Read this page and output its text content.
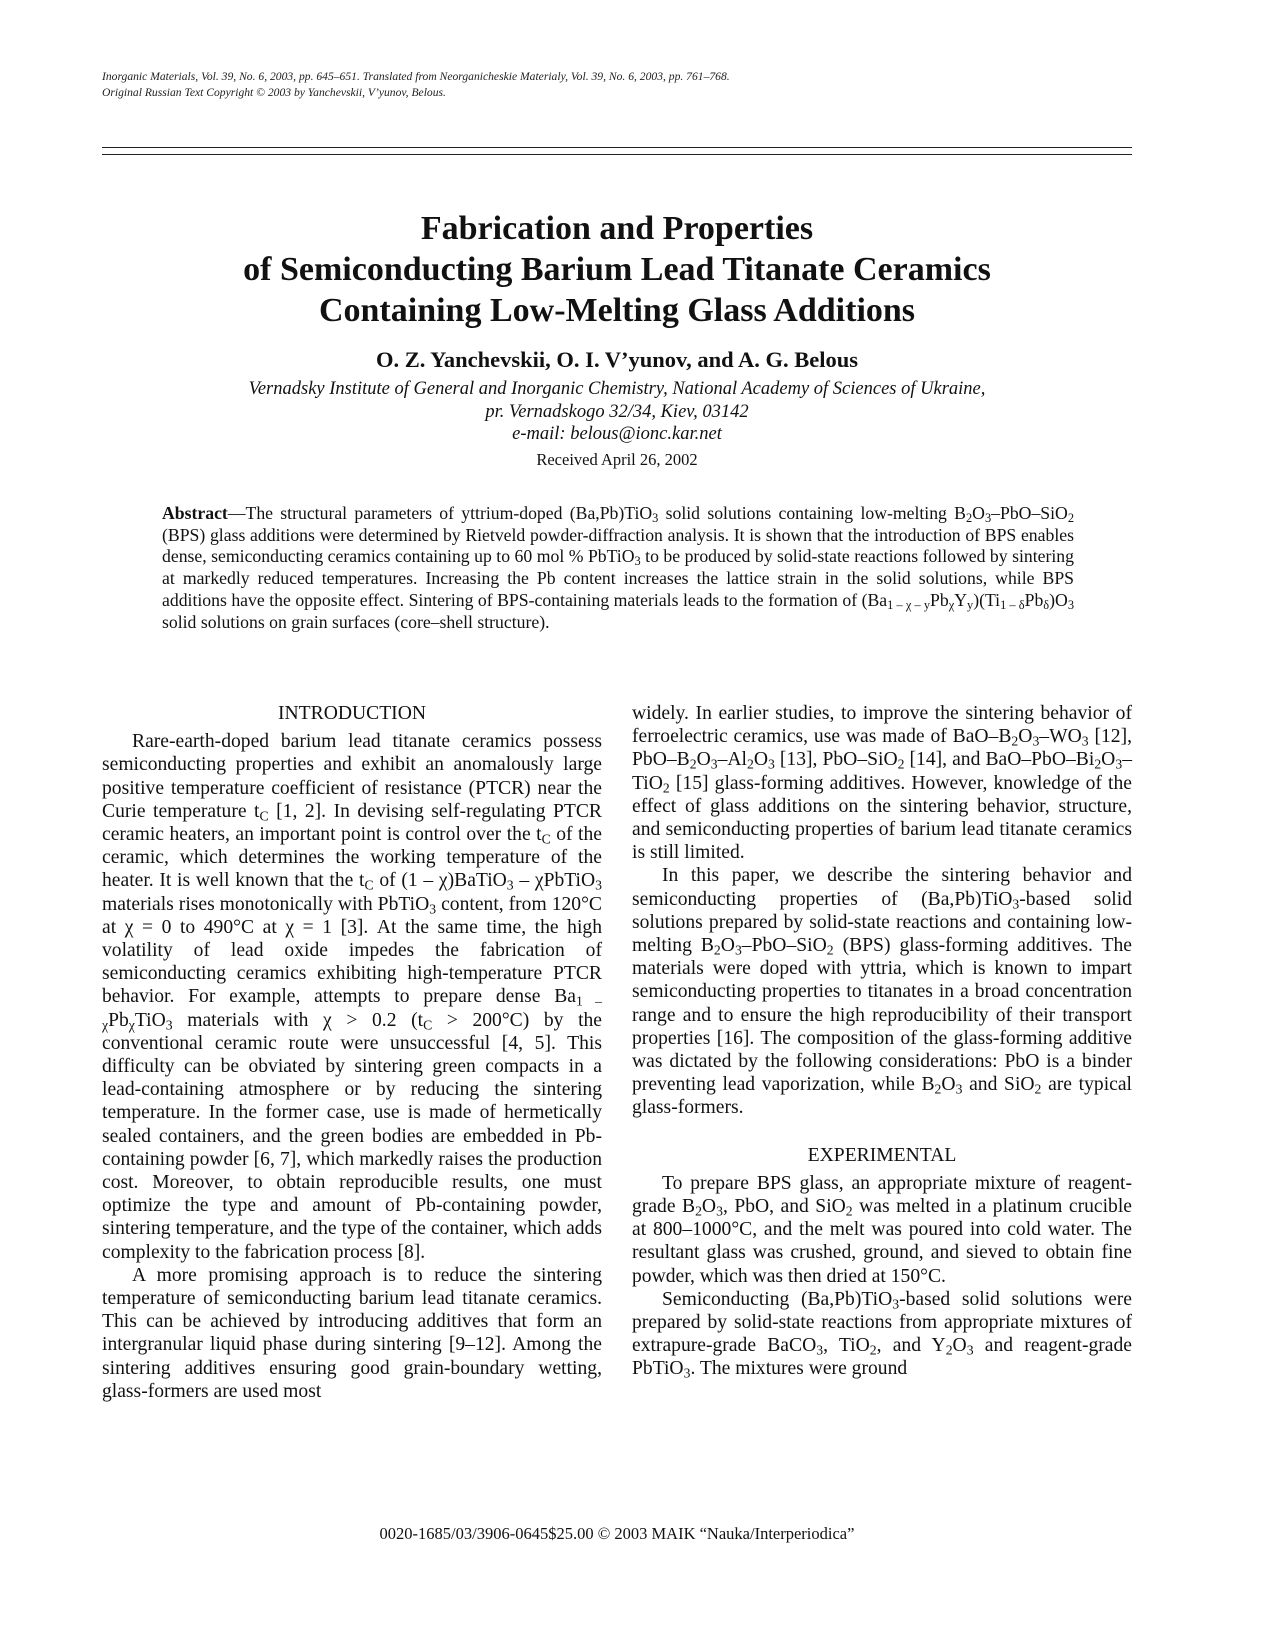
Inorganic Materials, Vol. 39, No. 6, 2003, pp. 645–651. Translated from Neorganicheskie Materialy, Vol. 39, No. 6, 2003, pp. 761–768.
Original Russian Text Copyright © 2003 by Yanchevskii, V’yunov, Belous.
Fabrication and Properties
of Semiconducting Barium Lead Titanate Ceramics
Containing Low-Melting Glass Additions
O. Z. Yanchevskii, O. I. V’yunov, and A. G. Belous
Vernadsky Institute of General and Inorganic Chemistry, National Academy of Sciences of Ukraine,
pr. Vernadskogo 32/34, Kiev, 03142
e-mail: belous@ionc.kar.net
Received April 26, 2002
Abstract—The structural parameters of yttrium-doped (Ba,Pb)TiO$_3$ solid solutions containing low-melting $B_2O_3-PbO-SiO_2$ (BPS) glass additions were determined by Rietveld powder-diffraction analysis. It is shown that the introduction of BPS enables dense, semiconducting ceramics containing up to 60 mol % PbTiO$_3$ to be produced by solid-state reactions followed by sintering at markedly reduced temperatures. Increasing the Pb content increases the lattice strain in the solid solutions, while BPS additions have the opposite effect. Sintering of BPS-containing materials leads to the formation of $(Ba_{1 - \chi - y}Pb_\chi Y_y)(Ti_{1 - \delta}Pb_\delta)O_3$ solid solutions on grain surfaces (core–shell structure).
INTRODUCTION

Rare-earth-doped barium lead titanate ceramics possess semiconducting properties and exhibit an anomalously large positive temperature coefficient of resistance (PTCR) near the Curie temperature $t_C$ [1, 2]. In devising self-regulating PTCR ceramic heaters, an important point is control over the $t_C$ of the ceramic, which determines the working temperature of the heater. It is well known that the $t_C$ of (1 – χ)BaTiO$_3$ – χPbTiO$_3$ materials rises monotonically with PbTiO$_3$ content, from 120°C at χ = 0 to 490°C at χ = 1 [3]. At the same time, the high volatility of lead oxide impedes the fabrication of semiconducting ceramics exhibiting high-temperature PTCR behavior. For example, attempts to prepare dense $Ba_{1 - \chi}Pb_\chi TiO_3$ materials with χ > 0.2 $(t_C > 200^\circ C)$ by the conventional ceramic route were unsuccessful [4, 5]. This difficulty can be obviated by sintering green compacts in a lead-containing atmosphere or by reducing the sintering temperature. In the former case, use is made of hermetically sealed containers, and the green bodies are embedded in Pb-containing powder [6, 7], which markedly raises the production cost. Moreover, to obtain reproducible results, one must optimize the type and amount of Pb-containing powder, sintering temperature, and the type of the container, which adds complexity to the fabrication process [8].

A more promising approach is to reduce the sintering temperature of semiconducting barium lead titanate ceramics. This can be achieved by introducing additives that form an intergranular liquid phase during sintering [9–12]. Among the sintering additives ensuring good grain-boundary wetting, glass-formers are used most

widely. In earlier studies, to improve the sintering behavior of ferroelectric ceramics, use was made of BaO–$B_2O_3-WO_3$ [12], PbO–$B_2O_3-Al_2O_3$ [13], PbO–SiO$_2$ [14], and BaO–$PbO-Bi_2O_3-TiO_2$ [15] glass-forming additives. However, knowledge of the effect of glass additions on the sintering behavior, structure, and semiconducting properties of barium lead titanate ceramics is still limited.

In this paper, we describe the sintering behavior and semiconducting properties of (Ba,Pb)TiO$_3$-based solid solutions prepared by solid-state reactions and containing low-melting $B_2O_3-PbO-SiO_2$ (BPS) glass-forming additives. The materials were doped with yttria, which is known to impart semiconducting properties to titanates in a broad concentration range and to ensure the high reproducibility of their transport properties [16]. The composition of the glass-forming additive was dictated by the following considerations: PbO is a binder preventing lead vaporization, while $B_2O_3$ and SiO$_2$ are typical glass-formers.

EXPERIMENTAL

To prepare BPS glass, an appropriate mixture of reagent-grade $B_2O_3$, PbO, and SiO$_2$ was melted in a platinum crucible at 800–1000°C, and the melt was poured into cold water. The resultant glass was crushed, ground, and sieved to obtain fine powder, which was then dried at 150°C.

Semiconducting (Ba,Pb)TiO$_3$-based solid solutions were prepared by solid-state reactions from appropriate mixtures of extrapure-grade BaCO$_3$, TiO$_2$, and $Y_2O_3$ and reagent-grade PbTiO$_3$. The mixtures were ground

0020-1685/03/3906-0645$25.00 © 2003 MAIK “Nauka/Interperiodica”
